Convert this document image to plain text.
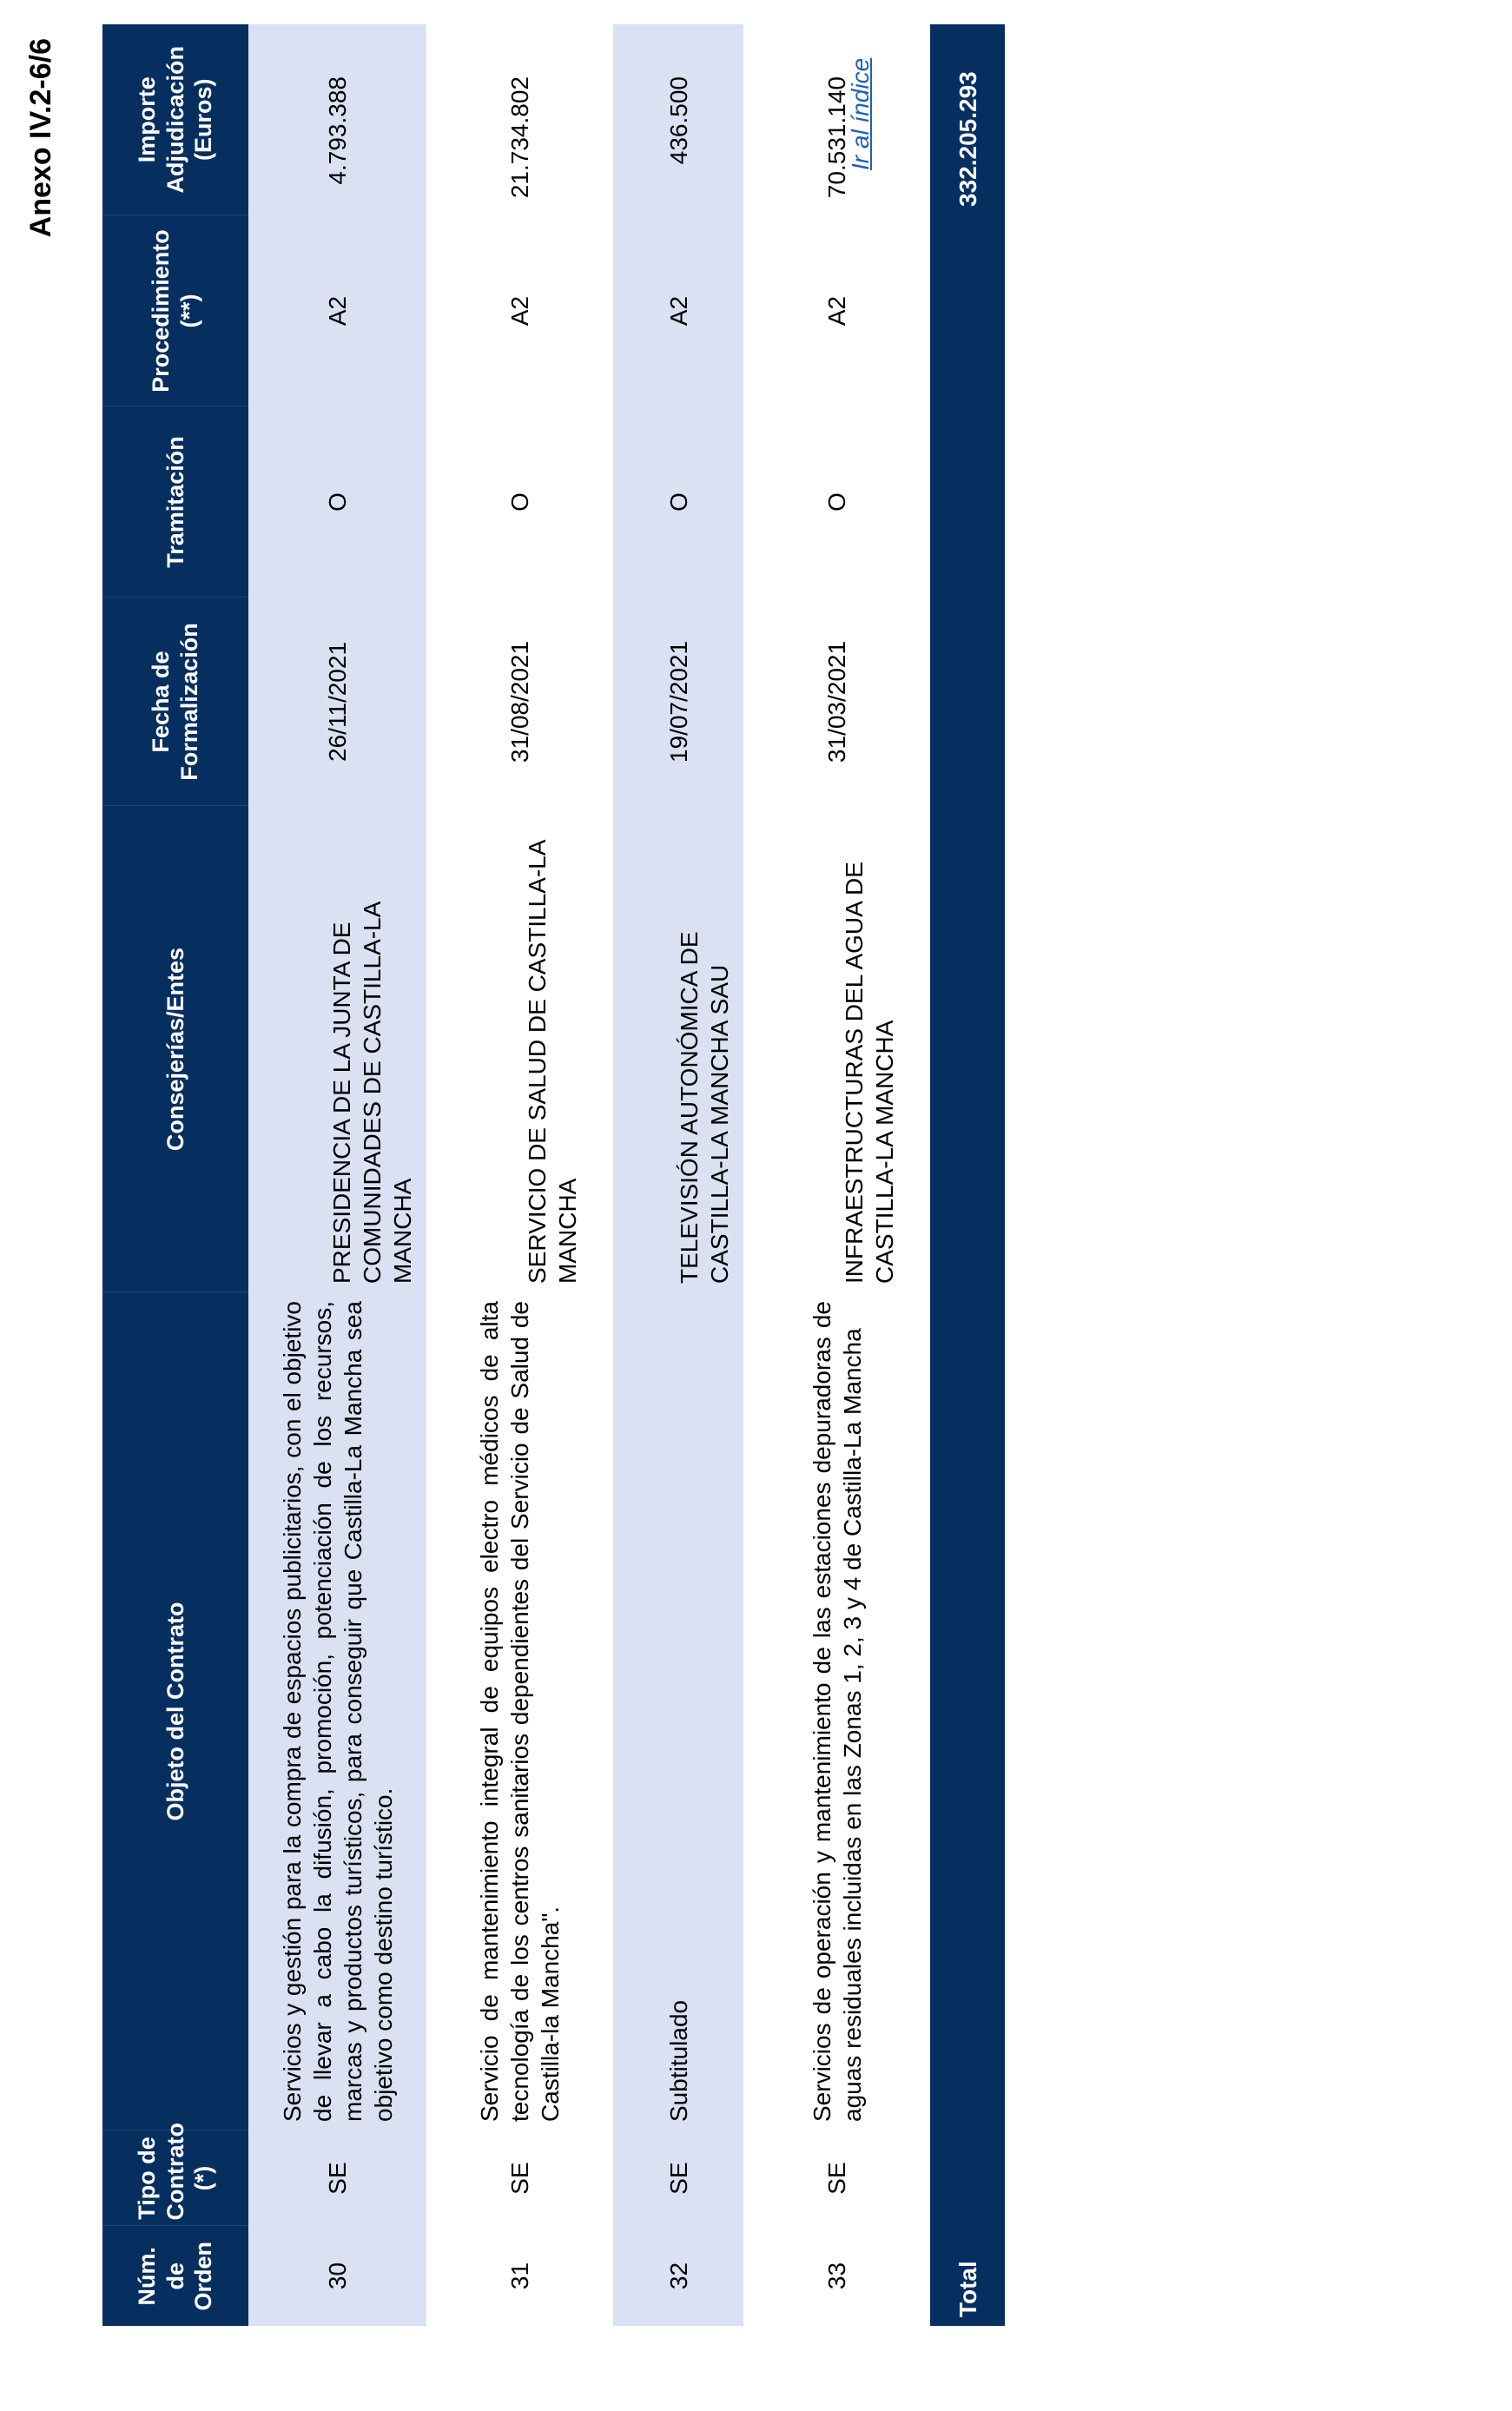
Anexo IV.2-6/6
Núm. de Orden	Tipo de Contrato (*)	Objeto del Contrato	Consejerías/Entes	Fecha de Formalización	Tramitación	Procedimiento (**)	Importe Adjudicación (Euros)
30	SE	Servicios y gestión para la compra de espacios publicitarios, con el objetivo de llevar a cabo la difusión, promoción, potenciación de los recursos, marcas y productos turísticos, para conseguir que Castilla-La Mancha sea objetivo como destino turístico.	PRESIDENCIA DE LA JUNTA DE COMUNIDADES DE CASTILLA-LA MANCHA	26/11/2021	O	A2	4.793.388

31	SE	Servicio de mantenimiento integral de equipos electro médicos de alta tecnología de los centros sanitarios dependientes del Servicio de Salud de Castilla-la Mancha".	SERVICIO DE SALUD DE CASTILLA-LA MANCHA	31/08/2021	O	A2	21.734.802

32	SE	Subtitulado	TELEVISIÓN AUTONÓMICA DE CASTILLA-LA MANCHA SAU	19/07/2021	O	A2	436.500

33	SE	Servicios de operación y mantenimiento de las estaciones depuradoras de aguas residuales incluidas en las Zonas 1, 2, 3 y 4 de Castilla-La Mancha	INFRAESTRUCTURAS DEL AGUA DE CASTILLA-LA MANCHA	31/03/2021	O	A2	70.531.140

Total							332.205.293
Ir al índice
